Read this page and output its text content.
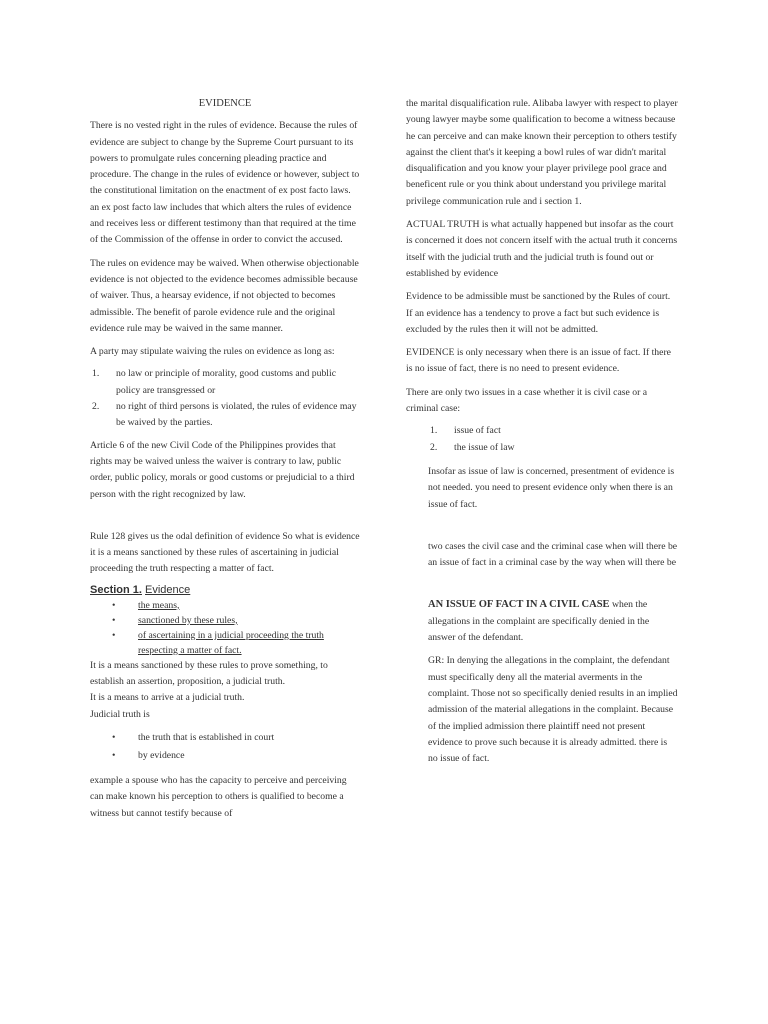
EVIDENCE

There is no vested right in the rules of evidence. Because the rules of evidence are subject to change by the Supreme Court pursuant to its powers to promulgate rules concerning pleading practice and procedure. The change in the rules of evidence or however, subject to the constitutional limitation on the enactment of ex post facto laws. an ex post facto law includes that which alters the rules of evidence and receives less or different testimony than that required at the time of the Commission of the offense in order to convict the accused.

The rules on evidence may be waived. When otherwise objectionable evidence is not objected to the evidence becomes admissible because of waiver. Thus, a hearsay evidence, if not objected to becomes admissible. The benefit of parole evidence rule and the original evidence rule may be waived in the same manner.

A party may stipulate waiving the rules on evidence as long as:

1.	no law or principle of morality, good customs and public policy are transgressed or
2.	no right of third persons is violated, the rules of evidence may be waived by the parties.

Article 6 of the new Civil Code of the Philippines provides that rights may be waived unless the waiver is contrary to law, public order, public policy, morals or good customs or prejudicial to a third person with the right recognized by law.

Rule 128 gives us the odal definition of evidence So what is evidence it is a means sanctioned by these rules of ascertaining in judicial proceeding the truth respecting a matter of fact.

Section 1. Evidence
•	the means,
•	sanctioned by these rules,
•	of ascertaining in a judicial proceeding the truth respecting a matter of fact.

It is a means sanctioned by these rules to prove something, to establish an assertion, proposition, a judicial truth.

It is a means to arrive at a judicial truth.

Judicial truth is

•	the truth that is established in court
•	by evidence

example a spouse who has the capacity to perceive and perceiving can make known his perception to others is qualified to become a witness but cannot testify because of

the marital disqualification rule. Alibaba lawyer with respect to player young lawyer maybe some qualification to become a witness because he can perceive and can make known their perception to others testify against the client that's it keeping a bowl rules of war didn't marital disqualification and you know your player privilege pool grace and beneficent rule or you think about understand you privilege marital privilege communication rule and i section 1.

ACTUAL TRUTH is what actually happened but insofar as the court is concerned it does not concern itself with the actual truth it concerns itself with the judicial truth and the judicial truth is found out or established by evidence

Evidence to be admissible must be sanctioned by the Rules of court. If an evidence has a tendency to prove a fact but such evidence is excluded by the rules then it will not be admitted.

EVIDENCE is only necessary when there is an issue of fact. If there is no issue of fact, there is no need to present evidence.

There are only two issues in a case whether it is civil case or a criminal case:

1.	issue of fact
2.	the issue of law

Insofar as issue of law is concerned, presentment of evidence is not needed. you need to present evidence only when there is an issue of fact.

two cases the civil case and the criminal case when will there be an issue of fact in a criminal case by the way when will there be

AN ISSUE OF FACT IN A CIVIL CASE when the allegations in the complaint are specifically denied in the answer of the defendant.

GR: In denying the allegations in the complaint, the defendant must specifically deny all the material averments in the complaint. Those not so specifically denied results in an implied admission of the material allegations in the complaint. Because of the implied admission there plaintiff need not present evidence to prove such because it is already admitted. there is no issue of fact.
